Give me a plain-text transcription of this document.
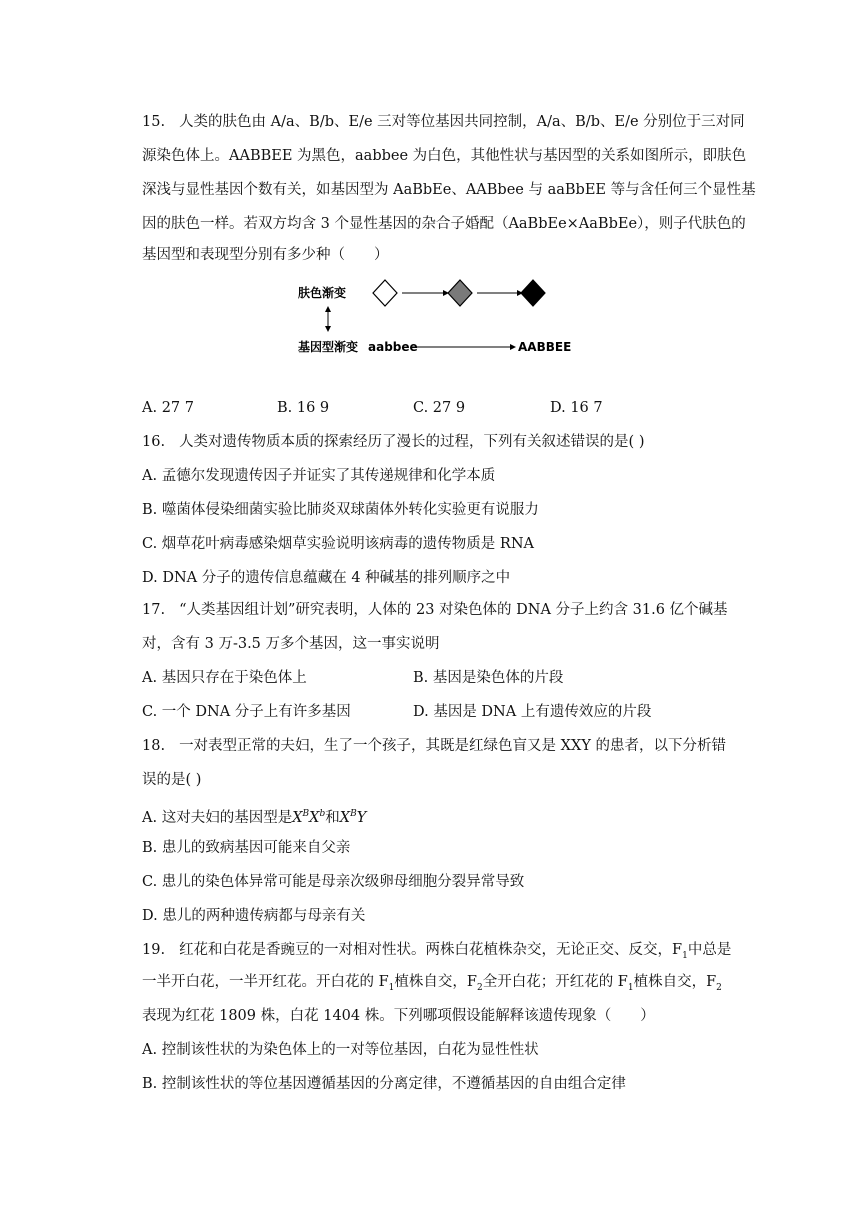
15. 人类的肤色由 A/a、B/b、E/e 三对等位基因共同控制，A/a、B/b、E/e 分别位于三对同
源染色体上。AABBEE 为黑色，aabbee 为白色，其他性状与基因型的关系如图所示，即肤色
深浅与显性基因个数有关，如基因型为 AaBbEe、AABbee 与 aaBbEE 等与含任何三个显性基
因的肤色一样。若双方均含 3 个显性基因的杂合子婚配（AaBbEe×AaBbEe），则子代肤色的
基因型和表现型分别有多少种（　　）
肤色渐变
基因型渐变 aabbee	AABBEE
A. 27 7	B. 16 9	C. 27 9	D. 16 7
16. 人类对遗传物质本质的探索经历了漫长的过程，下列有关叙述错误的是( )
A. 孟德尔发现遗传因子并证实了其传递规律和化学本质
B. 噬菌体侵染细菌实验比肺炎双球菌体外转化实验更有说服力
C. 烟草花叶病毒感染烟草实验说明该病毒的遗传物质是 RNA
D. DNA 分子的遗传信息蕴藏在 4 种碱基的排列顺序之中
17. “人类基因组计划”研究表明，人体的 23 对染色体的 DNA 分子上约含 31.6 亿个碱基
对，含有 3 万-3.5 万多个基因，这一事实说明
A. 基因只存在于染色体上	B. 基因是染色体的片段
C. 一个 DNA 分子上有许多基因	D. 基因是 DNA 上有遗传效应的片段
18. 一对表型正常的夫妇，生了一个孩子，其既是红绿色盲又是 XXY 的患者，以下分析错
误的是( )
A. 这对夫妇的基因型是$X^BX^b$和$X^BY$
B. 患儿的致病基因可能来自父亲
C. 患儿的染色体异常可能是母亲次级卵母细胞分裂异常导致
D. 患儿的两种遗传病都与母亲有关
19. 红花和白花是香豌豆的一对相对性状。两株白花植株杂交，无论正交、反交，$F_1$中总是
一半开白花，一半开红花。开白花的 $F_1$植株自交，$F_2$全开白花；开红花的 $F_1$植株自交，$F_2$
表现为红花 1809 株，白花 1404 株。下列哪项假设能解释该遗传现象（　　）
A. 控制该性状的为染色体上的一对等位基因，白花为显性性状
B. 控制该性状的等位基因遵循基因的分离定律，不遵循基因的自由组合定律
